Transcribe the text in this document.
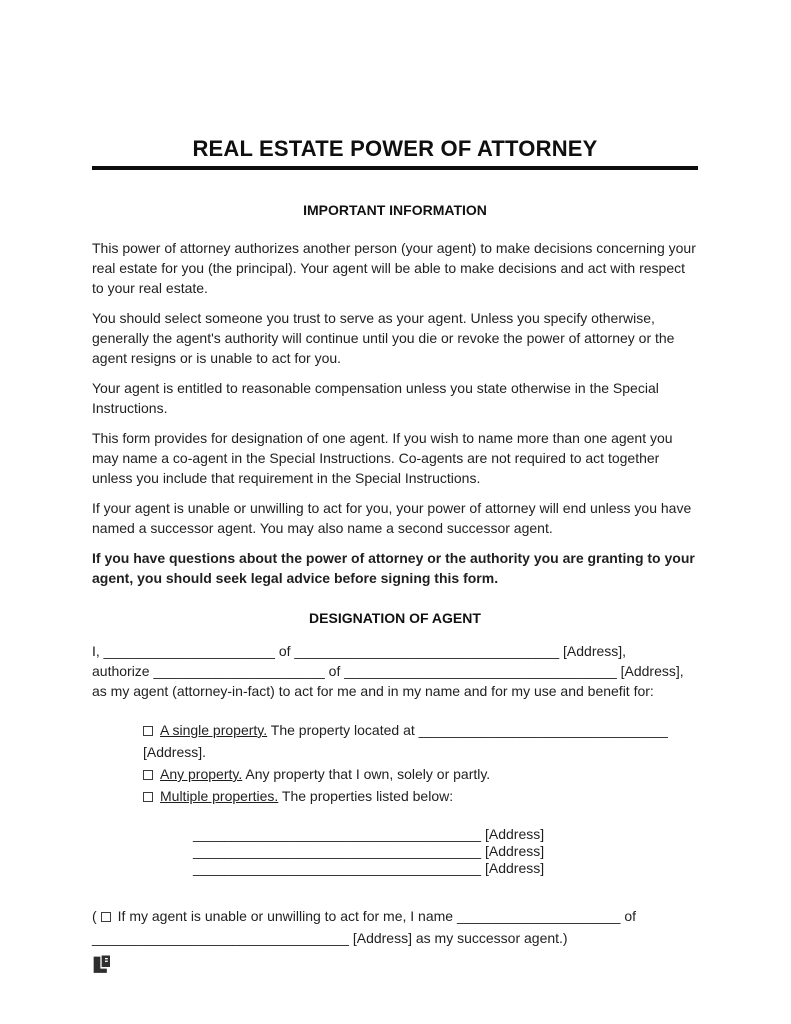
REAL ESTATE POWER OF ATTORNEY
IMPORTANT INFORMATION

This power of attorney authorizes another person (your agent) to make decisions concerning your real estate for you (the principal). Your agent will be able to make decisions and act with respect to your real estate.

You should select someone you trust to serve as your agent. Unless you specify otherwise, generally the agent's authority will continue until you die or revoke the power of attorney or the agent resigns or is unable to act for you.

Your agent is entitled to reasonable compensation unless you state otherwise in the Special Instructions.

This form provides for designation of one agent. If you wish to name more than one agent you may name a co-agent in the Special Instructions. Co-agents are not required to act together unless you include that requirement in the Special Instructions.

If your agent is unable or unwilling to act for you, your power of attorney will end unless you have named a successor agent. You may also name a second successor agent.

If you have questions about the power of attorney or the authority you are granting to your agent, you should seek legal advice before signing this form.

DESIGNATION OF AGENT
I, ______________________ of __________________________________ [Address],
authorize ______________________ of ___________________________________ [Address],
as my agent (attorney-in-fact) to act for me and in my name and for my use and benefit for:
A single property. The property located at ________________________________
[Address].
Any property. Any property that I own, solely or partly.
Multiple properties. The properties listed below:
_____________________________________ [Address]
_____________________________________ [Address]
_____________________________________ [Address]
( If my agent is unable or unwilling to act for me, I name _____________________ of
_________________________________ [Address] as my successor agent.)
